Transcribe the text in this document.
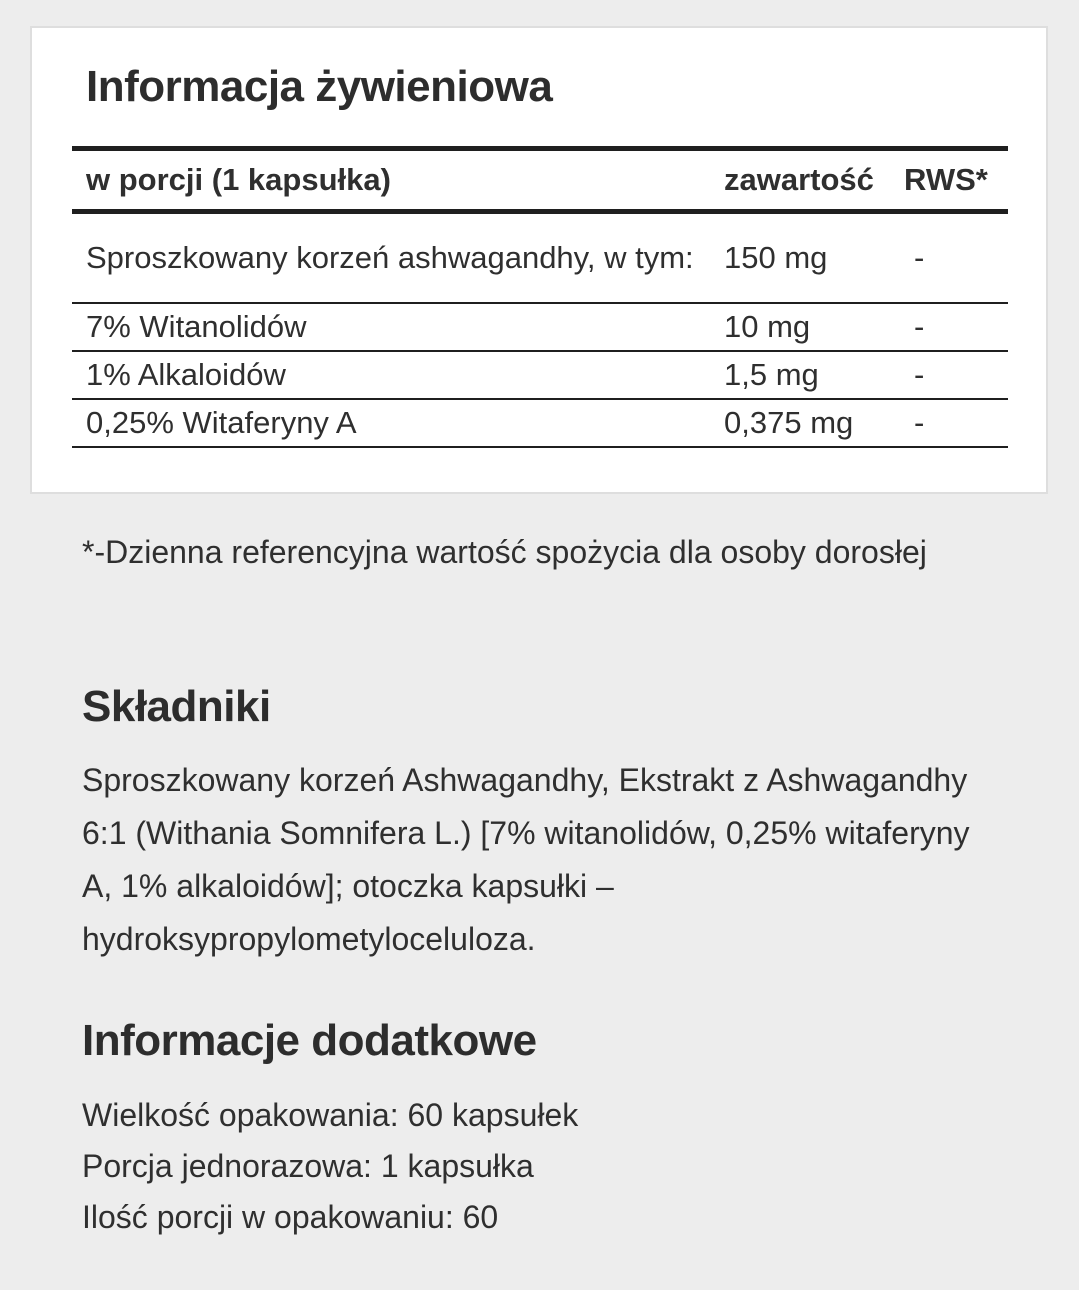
Informacja żywieniowa
w porcji (1 kapsułka)	zawartość	RWS*
Sproszkowany korzeń ashwagandhy, w tym:	150 mg	-
7% Witanolidów	10 mg	-
1% Alkaloidów	1,5 mg	-
0,25% Witaferyny A	0,375 mg	-
*-Dzienna referencyjna wartość spożycia dla osoby dorosłej
Składniki
Sproszkowany korzeń Ashwagandhy, Ekstrakt z Ashwagandhy 6:1 (Withania Somnifera L.) [7% witanolidów, 0,25% witaferyny A, 1% alkaloidów]; otoczka kapsułki – hydroksypropylometyloceluloza.
Informacje dodatkowe
Wielkość opakowania: 60 kapsułek
Porcja jednorazowa: 1 kapsułka
Ilość porcji w opakowaniu: 60
